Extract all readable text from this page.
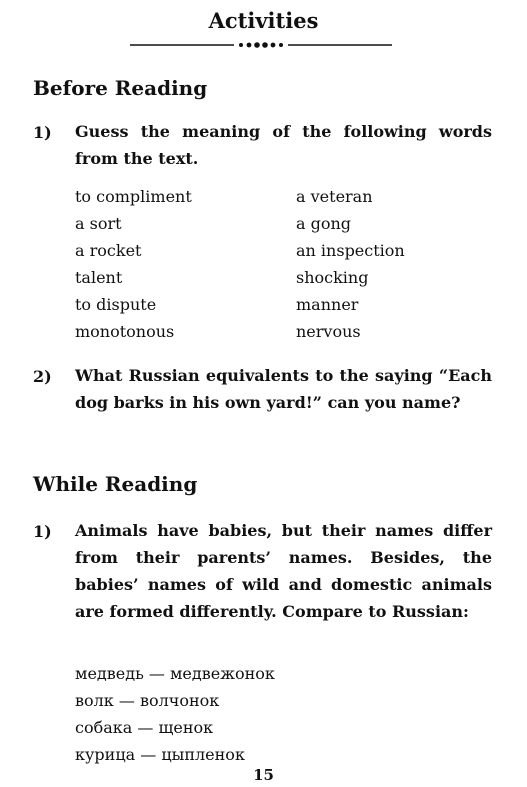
Activities
Before Reading
1) Guess the meaning of the following words from the text.
to compliment
a sort
a rocket
talent
to dispute
monotonous
a veteran
a gong
an inspection
shocking
manner
nervous
2) What Russian equivalents to the saying “Each dog barks in his own yard!” can you name?
While Reading
1) Animals have babies, but their names differ from their parents’ names. Besides, the babies’ names of wild and domestic animals are formed differently. Compare to Russian:
медведь — медвежонок
волк — волчонок
собака — щенок
курица — цыпленок
15
